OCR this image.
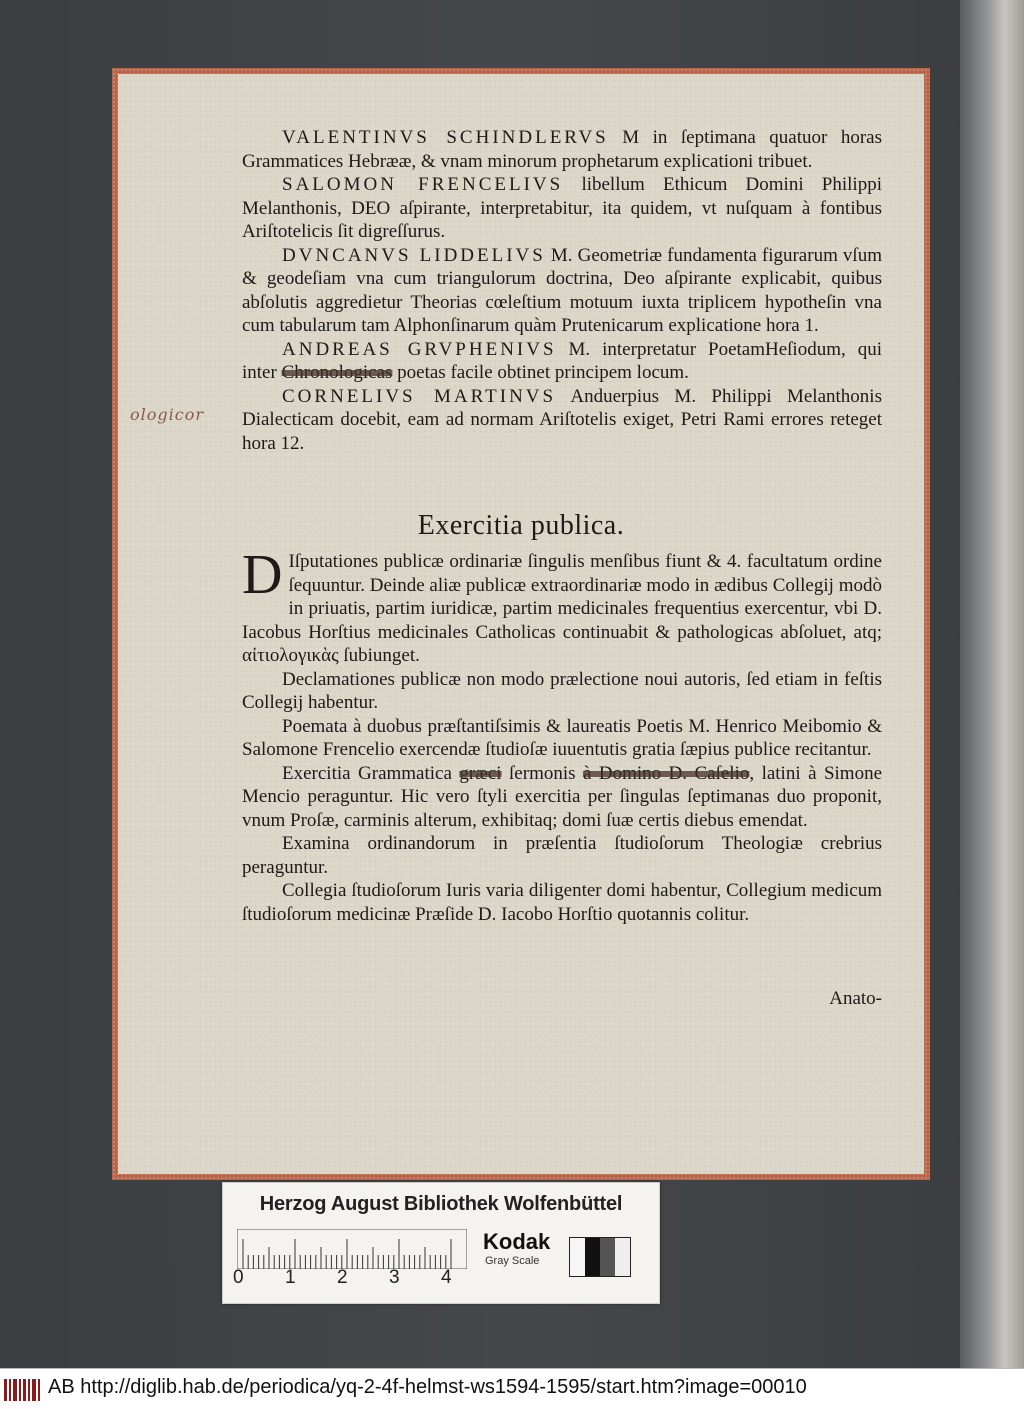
ologicor

VALENTINVS SCHINDLERVS M in ſeptimana quatuor horas Grammatices Hebrææ, & vnam minorum prophetarum explicationi tribuet.

SALOMON FRENCELIVS libellum Ethicum Domini Philippi Melanthonis, DEO aſpirante, interpretabitur, ita quidem, vt nuſquam à fontibus Ariſtotelicis ſit digreſſurus.

DVNCANVS LIDDELIVS M. Geometriæ fundamenta figurarum vſum & geodeſiam vna cum triangulorum doctrina, Deo aſpirante explicabit, quibus abſolutis aggredietur Theorias cœleſtium motuum iuxta triplicem hypotheſin vna cum tabularum tam Alphonſinarum quàm Prutenicarum explicatione hora 1.

ANDREAS GRVPHENIVS M. interpretatur PoetamHeſiodum, qui inter Chronologicas poetas facile obtinet principem locum.

CORNELIVS MARTINVS Anduerpius M. Philippi Melanthonis Dialecticam docebit, eam ad normam Ariſtotelis exiget, Petri Rami errores reteget hora 12.

Exercitia publica.

D Iſputationes publicæ ordinariæ ſingulis menſibus fiunt & 4. facultatum ordine ſequuntur. Deinde aliæ publicæ extraordinariæ modo in ædibus Collegij modò in priuatis, partim iuridicæ, partim medicinales frequentius exercentur, vbi D. Iacobus Horſtius medicinales Catholicas continuabit & pathologicas abſoluet, atq; αἰτιολογικὰς ſubiunget.

Declamationes publicæ non modo prælectione noui autoris, ſed etiam in feſtis Collegij habentur.

Poemata à duobus præſtantiſsimis & laureatis Poetis M. Henrico Meibomio & Salomone Frencelio exercendæ ſtudioſæ iuuentutis gratia ſæpius publice recitantur.

Exercitia Grammatica græci ſermonis à Domino D. Caſelio, latini à Simone Mencio peraguntur. Hic vero ſtyli exercitia per ſingulas ſeptimanas duo proponit, vnum Proſæ, carminis alterum, exhibitaq; domi ſuæ certis diebus emendat.

Examina ordinandorum in præſentia ſtudioſorum Theologiæ crebrius peraguntur.

Collegia ſtudioſorum Iuris varia diligenter domi habentur, Collegium medicum ſtudioſorum medicinæ Præſide D. Iacobo Horſtio quotannis colitur.

Anato-
Herzog August Bibliothek Wolfenbüttel
0 1 2 3 4
Kodak
Gray Scale
AB http://diglib.hab.de/periodica/yq-2-4f-helmst-ws1594-1595/start.htm?image=00010
